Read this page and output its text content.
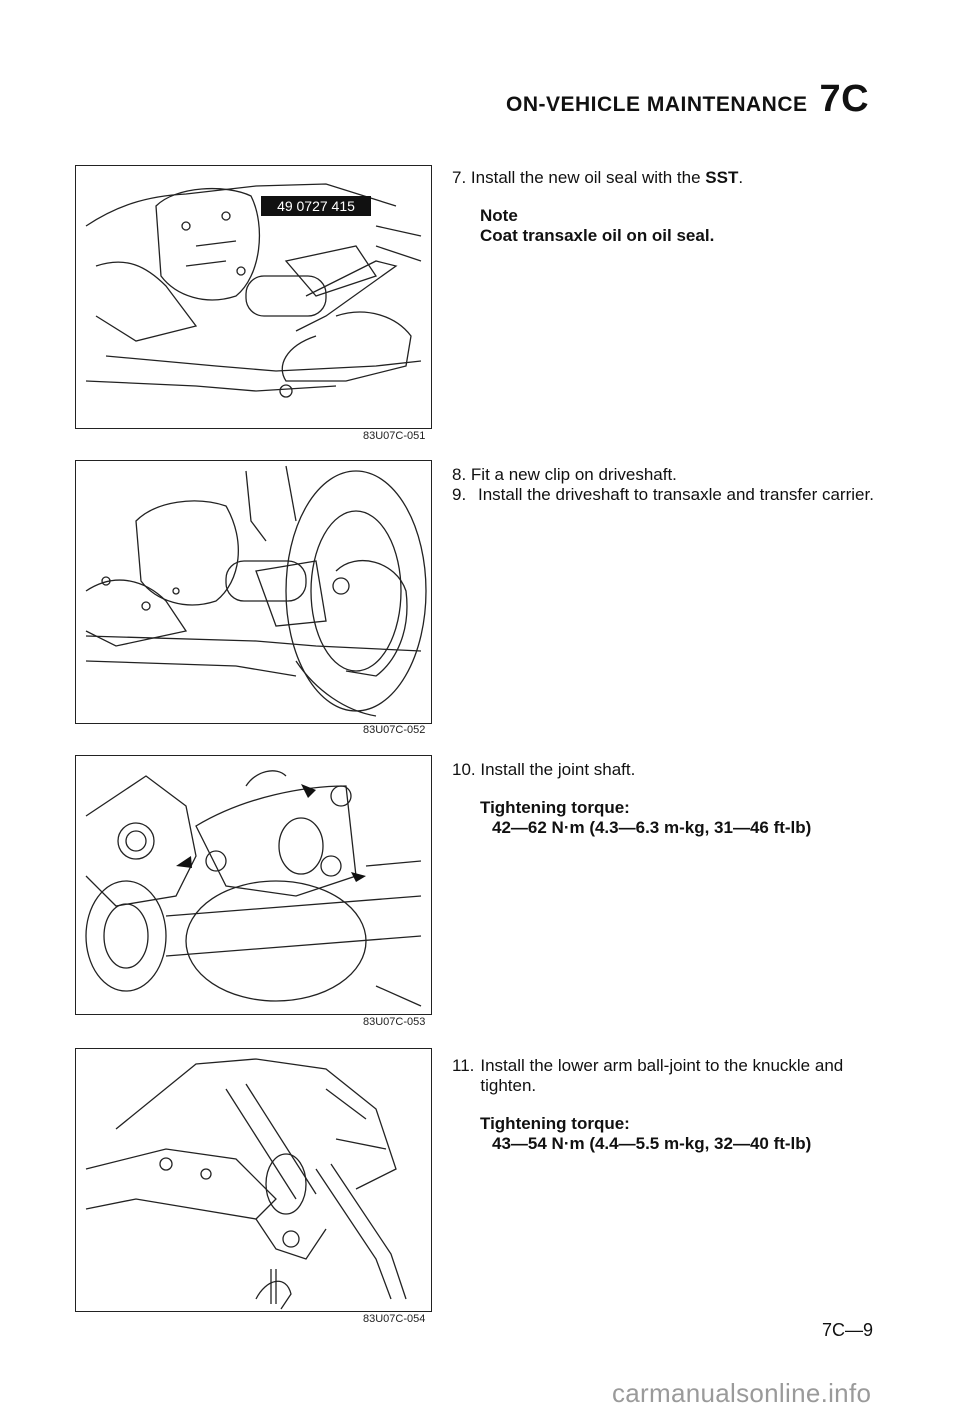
ON-VEHICLE MAINTENANCE 7C
49 0727 415
83U07C-051
7. Install the new oil seal with the SST.
Note
Coat transaxle oil on oil seal.
83U07C-052
8. Fit a new clip on driveshaft.
9. Install the driveshaft to transaxle and transfer carrier.
83U07C-053
10. Install the joint shaft.
Tightening torque:
42—62 N·m (4.3—6.3 m-kg, 31—46 ft-lb)
83U07C-054
11. Install the lower arm ball-joint to the knuckle and tighten.
Tightening torque:
43—54 N·m (4.4—5.5 m-kg, 32—40 ft-lb)
7C—9
carmanualsonline.info
